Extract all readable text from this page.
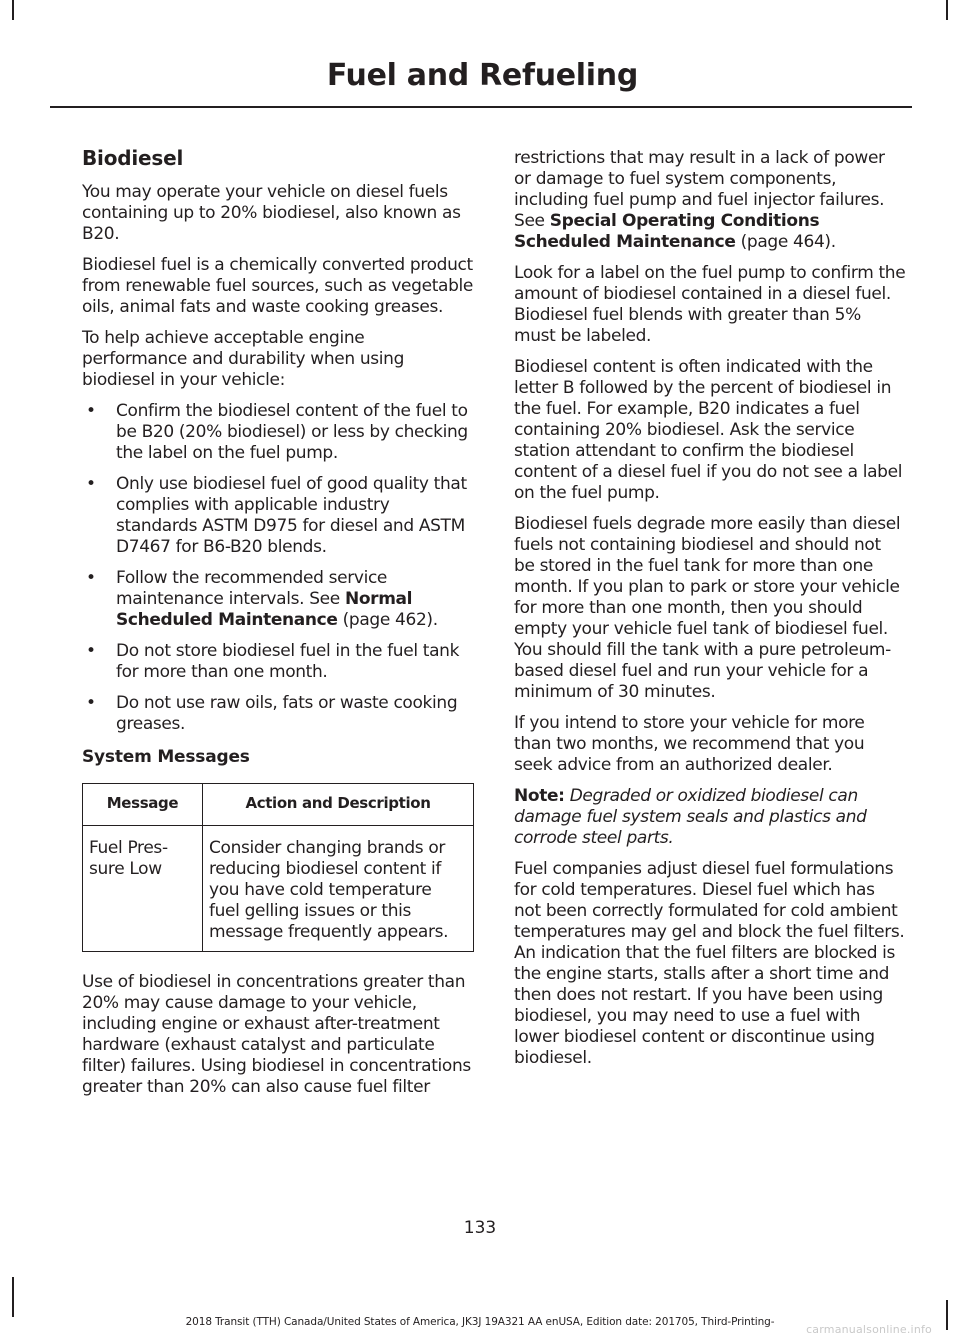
Fuel and Refueling
Biodiesel

You may operate your vehicle on diesel fuels containing up to 20% biodiesel, also known as B20.

Biodiesel fuel is a chemically converted product from renewable fuel sources, such as vegetable oils, animal fats and waste cooking greases.

To help achieve acceptable engine performance and durability when using biodiesel in your vehicle:

• Confirm the biodiesel content of the fuel to be B20 (20% biodiesel) or less by checking the label on the fuel pump.
• Only use biodiesel fuel of good quality that complies with applicable industry standards ASTM D975 for diesel and ASTM D7467 for B6-B20 blends.
• Follow the recommended service maintenance intervals. See Normal Scheduled Maintenance (page 462).
• Do not store biodiesel fuel in the fuel tank for more than one month.
• Do not use raw oils, fats or waste cooking greases.
System Messages
Message	Action and Description
Fuel Pres-sure Low	Consider changing brands or reducing biodiesel content if you have cold temperature fuel gelling issues or this message frequently appears.

Use of biodiesel in concentrations greater than 20% may cause damage to your vehicle, including engine or exhaust after-treatment hardware (exhaust catalyst and particulate filter) failures. Using biodiesel in concentrations greater than 20% can also cause fuel filter

restrictions that may result in a lack of power or damage to fuel system components, including fuel pump and fuel injector failures. See Special Operating Conditions Scheduled Maintenance (page 464).

Look for a label on the fuel pump to confirm the amount of biodiesel contained in a diesel fuel. Biodiesel fuel blends with greater than 5% must be labeled.

Biodiesel content is often indicated with the letter B followed by the percent of biodiesel in the fuel. For example, B20 indicates a fuel containing 20% biodiesel. Ask the service station attendant to confirm the biodiesel content of a diesel fuel if you do not see a label on the fuel pump.

Biodiesel fuels degrade more easily than diesel fuels not containing biodiesel and should not be stored in the fuel tank for more than one month. If you plan to park or store your vehicle for more than one month, then you should empty your vehicle fuel tank of biodiesel fuel. You should fill the tank with a pure petroleum-based diesel fuel and run your vehicle for a minimum of 30 minutes.

If you intend to store your vehicle for more than two months, we recommend that you seek advice from an authorized dealer.

Note: Degraded or oxidized biodiesel can damage fuel system seals and plastics and corrode steel parts.

Fuel companies adjust diesel fuel formulations for cold temperatures. Diesel fuel which has not been correctly formulated for cold ambient temperatures may gel and block the fuel filters. An indication that the fuel filters are blocked is the engine starts, stalls after a short time and then does not restart. If you have been using biodiesel, you may need to use a fuel with lower biodiesel content or discontinue using biodiesel.

133
2018 Transit (TTH) Canada/United States of America, JK3J 19A321 AA enUSA, Edition date: 201705, Third-Printing-
carmanualsonline.info
